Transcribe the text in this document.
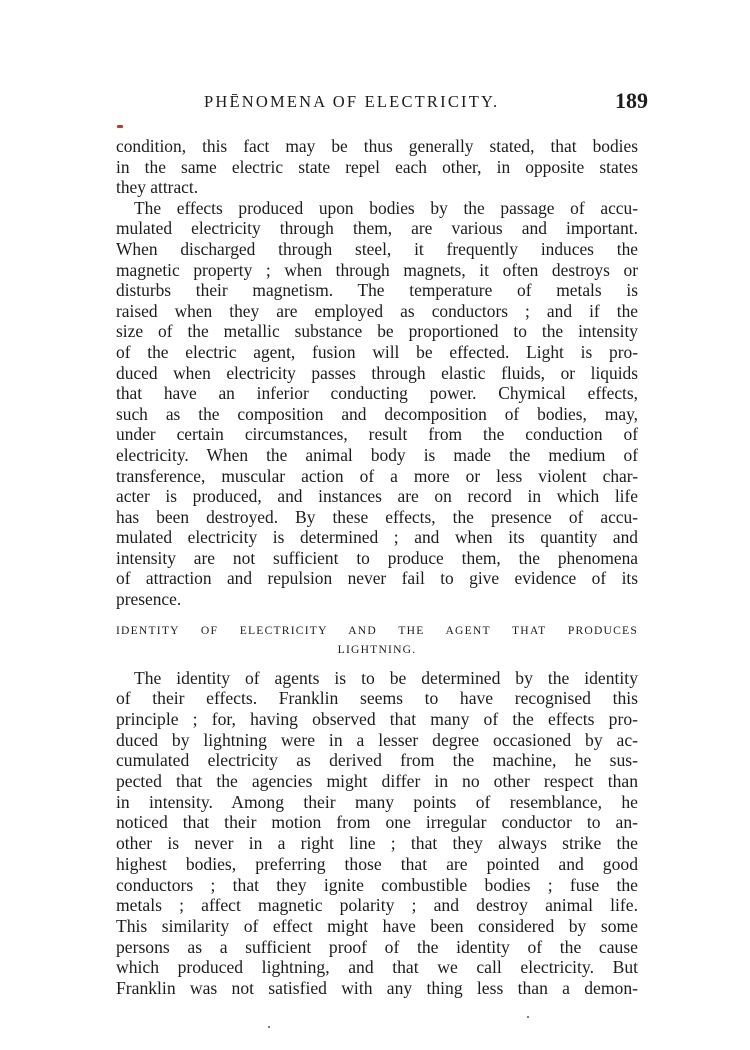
PHĒNOMENA OF ELECTRICITY.	189
condition, this fact may be thus generally stated, that bodies
in the same electric state repel each other, in opposite states
they attract.
The effects produced upon bodies by the passage of accu-
mulated electricity through them, are various and important.
When discharged through steel, it frequently induces the
magnetic property ; when through magnets, it often destroys or
disturbs their magnetism. The temperature of metals is
raised when they are employed as conductors ; and if the
size of the metallic substance be proportioned to the intensity
of the electric agent, fusion will be effected. Light is pro-
duced when electricity passes through elastic fluids, or liquids
that have an inferior conducting power. Chymical effects,
such as the composition and decomposition of bodies, may,
under certain circumstances, result from the conduction of
electricity. When the animal body is made the medium of
transference, muscular action of a more or less violent char-
acter is produced, and instances are on record in which life
has been destroyed. By these effects, the presence of accu-
mulated electricity is determined ; and when its quantity and
intensity are not sufficient to produce them, the phenomena
of attraction and repulsion never fail to give evidence of its
presence.
IDENTITY OF ELECTRICITY AND THE AGENT THAT PRODUCES
LIGHTNING.
The identity of agents is to be determined by the identity
of their effects. Franklin seems to have recognised this
principle ; for, having observed that many of the effects pro-
duced by lightning were in a lesser degree occasioned by ac-
cumulated electricity as derived from the machine, he sus-
pected that the agencies might differ in no other respect than
in intensity. Among their many points of resemblance, he
noticed that their motion from one irregular conductor to an-
other is never in a right line ; that they always strike the
highest bodies, preferring those that are pointed and good
conductors ; that they ignite combustible bodies ; fuse the
metals ; affect magnetic polarity ; and destroy animal life.
This similarity of effect might have been considered by some
persons as a sufficient proof of the identity of the cause
which produced lightning, and that we call electricity. But
Franklin was not satisfied with any thing less than a demon-
